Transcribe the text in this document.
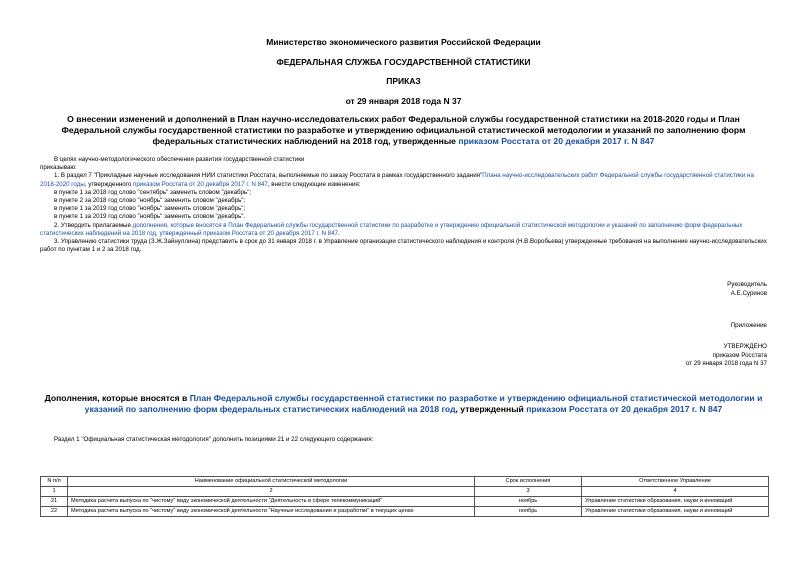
Министерство экономического развития Российской Федерации
ФЕДЕРАЛЬНАЯ СЛУЖБА ГОСУДАРСТВЕННОЙ СТАТИСТИКИ
ПРИКАЗ
от 29 января 2018 года N 37
О внесении изменений и дополнений в План научно-исследовательских работ Федеральной службы государственной статистики на 2018-2020 годы и План Федеральной службы государственной статистики по разработке и утверждению официальной статистической методологии и указаний по заполнению форм федеральных статистических наблюдений на 2018 год, утвержденные приказом Росстата от 20 декабря 2017 г. N 847
В целях научно-методологического обеспечения развития государственной статистики
приказываю:
1. В раздел 7 "Прикладные научные исследования НИИ статистики Росстата, выполняемые по заказу Росстата в рамках государственного задания"Плана научно-исследовательских работ Федеральной службы государственной статистики на 2018-2020 годы, утвержденного приказом Росстата от 20 декабря 2017 г. N 847, внести следующие изменения:
в пункте 1 за 2018 год слово "сентябрь" заменить словом "декабрь";
в пункте 2 за 2018 год слово "ноябрь" заменить словом "декабрь";
в пункте 1 за 2019 год слово "ноябрь" заменить словом "декабрь";
в пункте 1 за 2019 год слово "ноябрь" заменить словом "декабрь".
2. Утвердить прилагаемые дополнения, которые вносятся в План Федеральной службы государственной статистики по разработке и утверждению официальной статистической методологии и указаний по заполнению форм федеральных статистических наблюдений на 2018 год, утвержденный приказом Росстата от 20 декабря 2017 г. N 847.
3. Управлению статистики труда (З.Ж.Зайнуллина) представить в срок до 31 января 2018 г. в Управление организации статистического наблюдения и контроля (Н.В.Воробьева) утвержденные требования на выполнение научно-исследовательских работ по пунктам 1 и 2 за 2018 год.
Руководитель
А.Е.Суринов
Приложение
УТВЕРЖДЕНО
приказом Росстата
от 29 января 2018 года N 37
Дополнения, которые вносятся в План Федеральной службы государственной статистики по разработке и утверждению официальной статистической методологии и указаний по заполнению форм федеральных статистических наблюдений на 2018 год, утвержденный приказом Росстата от 20 декабря 2017 г. N 847
Раздел 1 "Официальная статистическая методология" дополнить позициями 21 и 22 следующего содержания:
N п/п	Наименование официальной статистической методологии	Срок исполнения	Ответственное Управление
1	2	3	4
21	Методика расчета выпуска по "чистому" виду экономической деятельности "Деятельность в сфере телекоммуникаций"	ноябрь	Управление статистики образования, науки и инноваций
22	Методика расчета выпуска по "чистому" виду экономической деятельности "Научные исследования и разработки" в текущих ценах	ноябрь	Управление статистики образования, науки и инноваций
